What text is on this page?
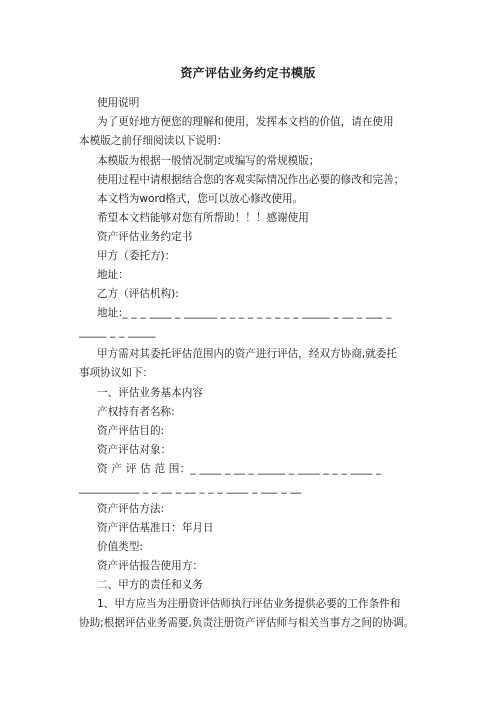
资产评估业务约定书模版
使用说明
为了更好地方便您的理解和使用，发挥本文档的价值，请在使用
本模版之前仔细阅读以下说明：
本模版为根据一般情况制定或编写的常规模版；
使用过程中请根据结合您的客观实际情况作出必要的修改和完善；
本文档为word格式，您可以放心修改使用。
希望本文档能够对您有所帮助！！！感谢使用
资产评估业务约定书
甲方（委托方)：
地址：
乙方（评估机构):
地址:_ _ _ ____ _ ______ _ _ _ _ _ _ _ _ _ _____ _ __ _ ___ _
_____ _ _ _____
甲方需对其委托评估范围内的资产进行评估，经双方协商,就委托
事项协议如下：
一、评估业务基本内容
产权持有者名称:
资产评估目的:
资产评估对象：
资 产 评 估 范 围：_ ____ _ __ _ _____ _ ____ _ _ _ ____ _
___________ _ _ __ _ __ _ _ _ ____ _ ___ _ __
资产评估方法:
资产评估基准日：年月日
价值类型:
资产评估报告使用方：
二、甲方的责任和义务
1、甲方应当为注册资评估师执行评估业务提供必要的工作条件和
协助;根据评估业务需要,负责注册资产评估师与相关当事方之间的协调。
